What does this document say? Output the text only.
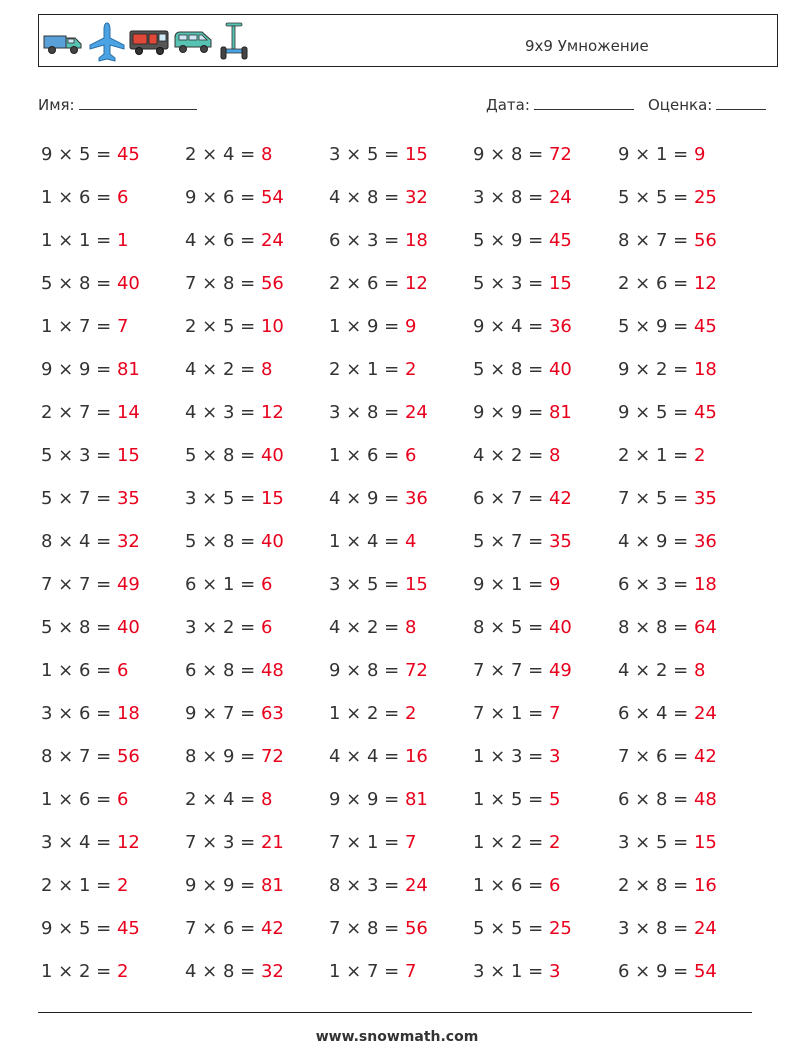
9x9 Умножение
Имя:	Дата:	Оценка:
9 × 5 = 45	2 × 4 = 8	3 × 5 = 15	9 × 8 = 72	9 × 1 = 9
1 × 6 = 6	9 × 6 = 54	4 × 8 = 32	3 × 8 = 24	5 × 5 = 25
1 × 1 = 1	4 × 6 = 24	6 × 3 = 18	5 × 9 = 45	8 × 7 = 56
5 × 8 = 40	7 × 8 = 56	2 × 6 = 12	5 × 3 = 15	2 × 6 = 12
1 × 7 = 7	2 × 5 = 10	1 × 9 = 9	9 × 4 = 36	5 × 9 = 45
9 × 9 = 81	4 × 2 = 8	2 × 1 = 2	5 × 8 = 40	9 × 2 = 18
2 × 7 = 14	4 × 3 = 12	3 × 8 = 24	9 × 9 = 81	9 × 5 = 45
5 × 3 = 15	5 × 8 = 40	1 × 6 = 6	4 × 2 = 8	2 × 1 = 2
5 × 7 = 35	3 × 5 = 15	4 × 9 = 36	6 × 7 = 42	7 × 5 = 35
8 × 4 = 32	5 × 8 = 40	1 × 4 = 4	5 × 7 = 35	4 × 9 = 36
7 × 7 = 49	6 × 1 = 6	3 × 5 = 15	9 × 1 = 9	6 × 3 = 18
5 × 8 = 40	3 × 2 = 6	4 × 2 = 8	8 × 5 = 40	8 × 8 = 64
1 × 6 = 6	6 × 8 = 48	9 × 8 = 72	7 × 7 = 49	4 × 2 = 8
3 × 6 = 18	9 × 7 = 63	1 × 2 = 2	7 × 1 = 7	6 × 4 = 24
8 × 7 = 56	8 × 9 = 72	4 × 4 = 16	1 × 3 = 3	7 × 6 = 42
1 × 6 = 6	2 × 4 = 8	9 × 9 = 81	1 × 5 = 5	6 × 8 = 48
3 × 4 = 12	7 × 3 = 21	7 × 1 = 7	1 × 2 = 2	3 × 5 = 15
2 × 1 = 2	9 × 9 = 81	8 × 3 = 24	1 × 6 = 6	2 × 8 = 16
9 × 5 = 45	7 × 6 = 42	7 × 8 = 56	5 × 5 = 25	3 × 8 = 24
1 × 2 = 2	4 × 8 = 32	1 × 7 = 7	3 × 1 = 3	6 × 9 = 54
www.snowmath.com
